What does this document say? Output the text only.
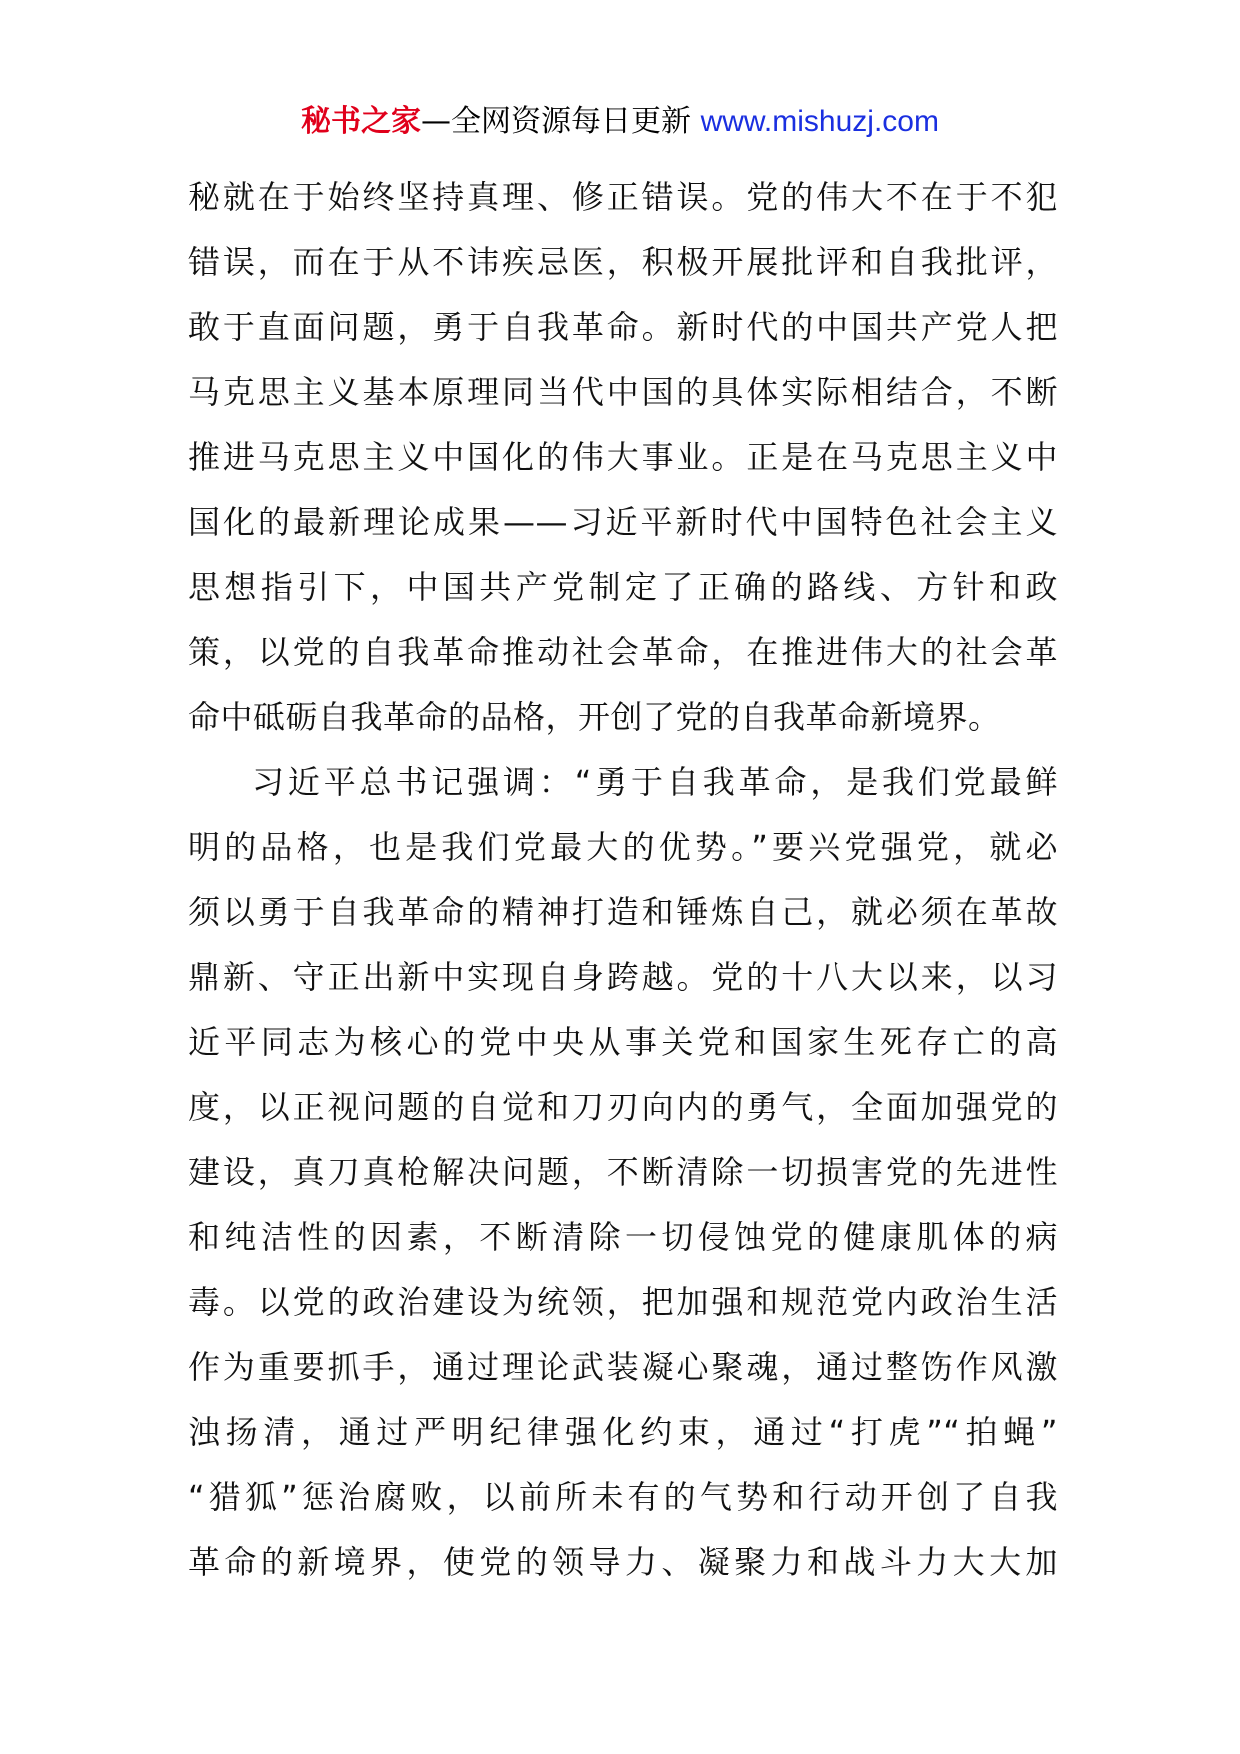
秘书之家—全网资源每日更新 www.mishuzj.com
秘就在于始终坚持真理、修正错误。党的伟大不在于不犯
错误，而在于从不讳疾忌医，积极开展批评和自我批评，
敢于直面问题，勇于自我革命。新时代的中国共产党人把
马克思主义基本原理同当代中国的具体实际相结合，不断
推进马克思主义中国化的伟大事业。正是在马克思主义中
国化的最新理论成果——习近平新时代中国特色社会主义
思想指引下，中国共产党制定了正确的路线、方针和政
策，以党的自我革命推动社会革命，在推进伟大的社会革
命中砥砺自我革命的品格，开创了党的自我革命新境界。
习近平总书记强调：“勇于自我革命，是我们党最鲜
明的品格，也是我们党最大的优势。”要兴党强党，就必
须以勇于自我革命的精神打造和锤炼自己，就必须在革故
鼎新、守正出新中实现自身跨越。党的十八大以来，以习
近平同志为核心的党中央从事关党和国家生死存亡的高
度，以正视问题的自觉和刀刃向内的勇气，全面加强党的
建设，真刀真枪解决问题，不断清除一切损害党的先进性
和纯洁性的因素，不断清除一切侵蚀党的健康肌体的病
毒。以党的政治建设为统领，把加强和规范党内政治生活
作为重要抓手，通过理论武装凝心聚魂，通过整饬作风激
浊扬清，通过严明纪律强化约束，通过“打虎”“拍蝇”
“猎狐”惩治腐败，以前所未有的气势和行动开创了自我
革命的新境界，使党的领导力、凝聚力和战斗力大大加
